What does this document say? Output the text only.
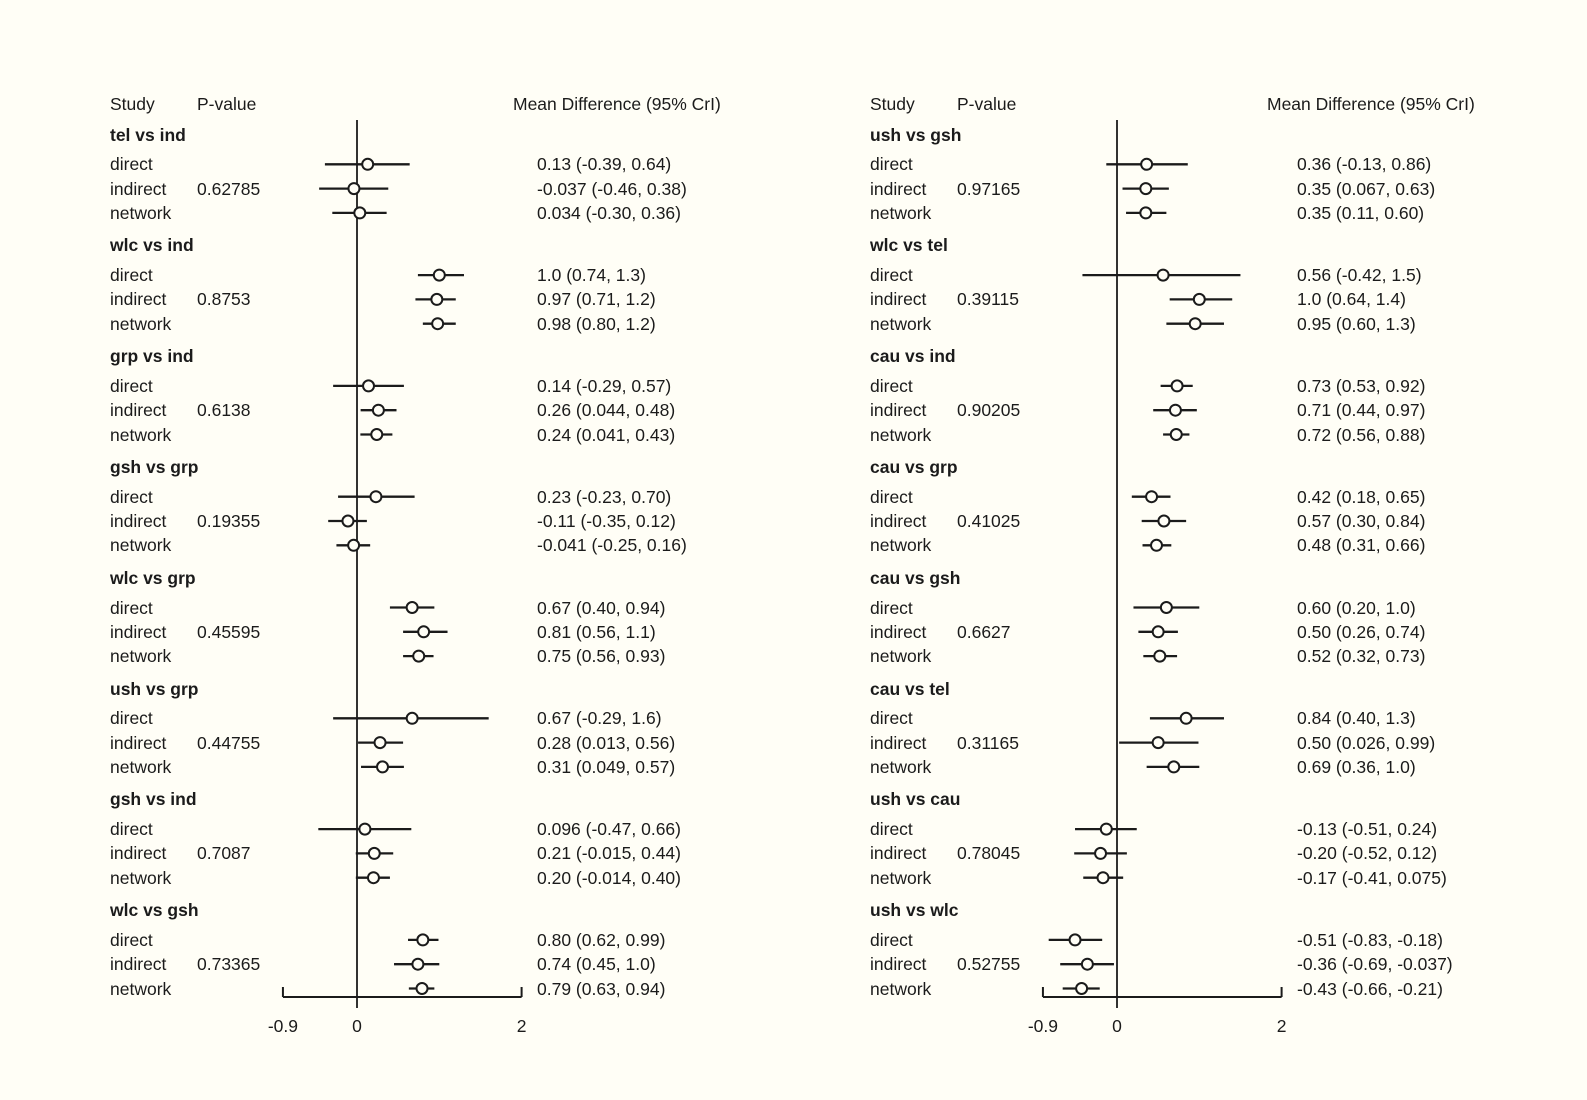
Study P-value	Mean Difference (95% CrI)
-0.9	0	2
tel vs ind
direct	0.13 (-0.39, 0.64)
indirect 0.62785	-0.037 (-0.46, 0.38)
network	0.034 (-0.30, 0.36)
wlc vs ind
direct	1.0 (0.74, 1.3)
indirect 0.8753	0.97 (0.71, 1.2)
network	0.98 (0.80, 1.2)
grp vs ind
direct	0.14 (-0.29, 0.57)
indirect 0.6138	0.26 (0.044, 0.48)
network	0.24 (0.041, 0.43)
gsh vs grp
direct	0.23 (-0.23, 0.70)
indirect 0.19355	-0.11 (-0.35, 0.12)
network	-0.041 (-0.25, 0.16)
wlc vs grp
direct	0.67 (0.40, 0.94)
indirect 0.45595	0.81 (0.56, 1.1)
network	0.75 (0.56, 0.93)
ush vs grp
direct	0.67 (-0.29, 1.6)
indirect 0.44755	0.28 (0.013, 0.56)
network	0.31 (0.049, 0.57)
gsh vs ind
direct	0.096 (-0.47, 0.66)
indirect 0.7087	0.21 (-0.015, 0.44)
network	0.20 (-0.014, 0.40)
wlc vs gsh
direct	0.80 (0.62, 0.99)
indirect 0.73365	0.74 (0.45, 1.0)
network	0.79 (0.63, 0.94)
Study P-value	Mean Difference (95% CrI)
-0.9	0	2
ush vs gsh
direct	0.36 (-0.13, 0.86)
indirect 0.97165	0.35 (0.067, 0.63)
network	0.35 (0.11, 0.60)
wlc vs tel
direct	0.56 (-0.42, 1.5)
indirect 0.39115	1.0 (0.64, 1.4)
network	0.95 (0.60, 1.3)
cau vs ind
direct	0.73 (0.53, 0.92)
indirect 0.90205	0.71 (0.44, 0.97)
network	0.72 (0.56, 0.88)
cau vs grp
direct	0.42 (0.18, 0.65)
indirect 0.41025	0.57 (0.30, 0.84)
network	0.48 (0.31, 0.66)
cau vs gsh
direct	0.60 (0.20, 1.0)
indirect 0.6627	0.50 (0.26, 0.74)
network	0.52 (0.32, 0.73)
cau vs tel
direct	0.84 (0.40, 1.3)
indirect 0.31165	0.50 (0.026, 0.99)
network	0.69 (0.36, 1.0)
ush vs cau
direct	-0.13 (-0.51, 0.24)
indirect 0.78045	-0.20 (-0.52, 0.12)
network	-0.17 (-0.41, 0.075)
ush vs wlc
direct	-0.51 (-0.83, -0.18)
indirect 0.52755	-0.36 (-0.69, -0.037)
network	-0.43 (-0.66, -0.21)
